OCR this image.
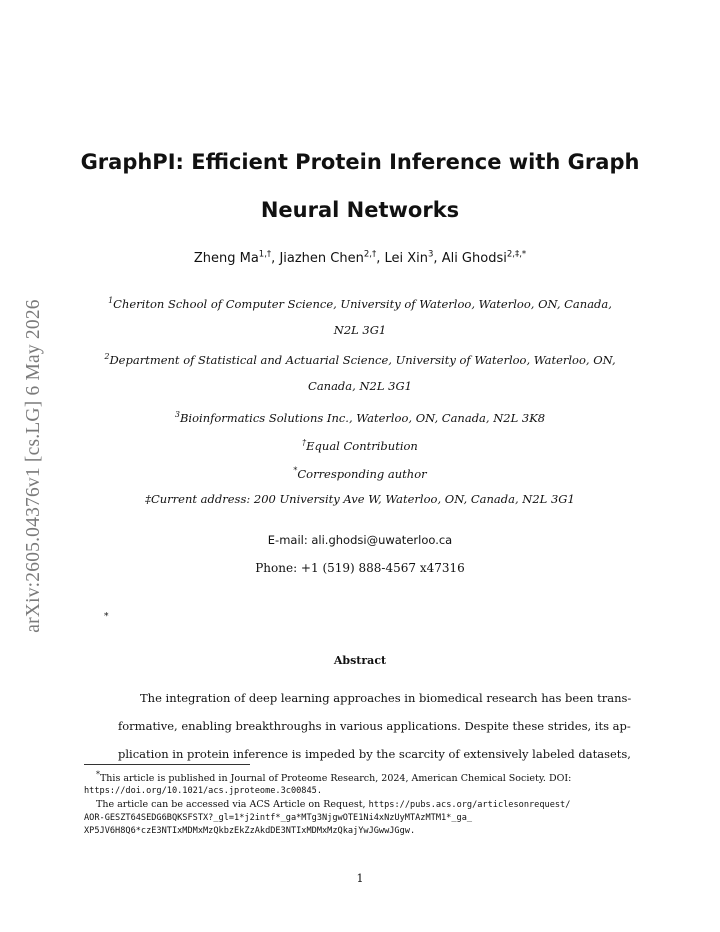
arXiv:2605.04376v1 [cs.LG] 6 May 2026
GraphPI: Efficient Protein Inference with Graph
Neural Networks
Zheng $Ma^{1,\dagger}$, Jiazhen Chen$^{2,\dagger}$, Lei Xin$^3$, Ali Ghodsi$^{2,\ddagger,*}$
$^1$Cheriton School of Computer Science, University of Waterloo, Waterloo, ON, Canada,
N2L 3G1
$^2$Department of Statistical and Actuarial Science, University of Waterloo, Waterloo, ON,
Canada, N2L 3G1
$^3$Bioinformatics Solutions Inc., Waterloo, ON, Canada, N2L 3K8
†Equal Contribution
*Corresponding author
‡Current address: 200 University Ave W, Waterloo, ON, Canada, N2L 3G1
E-mail: ali.ghodsi@uwaterloo.ca
Phone: +1 (519) 888-4567 x47316
*
Abstract

The integration of deep learning approaches in biomedical research has been trans-
formative, enabling breakthroughs in various applications. Despite these strides, its ap-
plication in protein inference is impeded by the scarcity of extensively labeled datasets,

*This article is published in Journal of Proteome Research, 2024, American Chemical Society. DOI:
https://doi.org/10.1021/acs.jproteome.3c00845.
The article can be accessed via ACS Article on Request, https://pubs.acs.org/articlesonrequest/
AOR-GESZT64SEDG6BQKSFSTX?_gl=1*j2intf*_ga*MTg3NjgwOTE1Ni4xNzUyMTAzMTM1*_ga_
XP5JV6H8Q6*czE3NTIxMDMxMzQkbzEkZzAkdDE3NTIxMDMxMzQkajYwJGwwJGgw.
1
